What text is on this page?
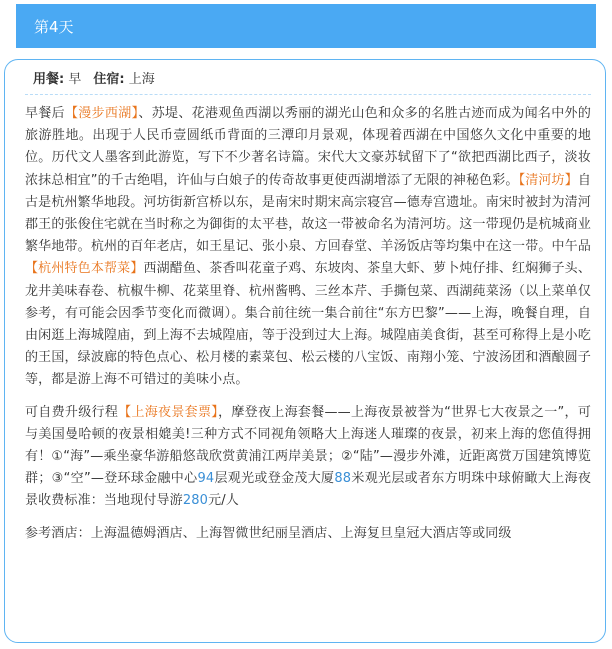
第4天
用餐:
早 住宿:
上海

早餐后【漫步西湖】、苏堤、花港观鱼西湖以秀丽的湖光山色和众多的名胜古迹而成为闻名中外的旅游胜地。出现于人民币壹圆纸币背面的三潭印月景观，体现着西湖在中国悠久文化中重要的地位。历代文人墨客到此游览，写下不少著名诗篇。宋代大文豪苏轼留下了“欲把西湖比西子，淡妆浓抹总相宜”的千古绝唱，许仙与白娘子的传奇故事更使西湖增添了无限的神秘色彩。【清河坊】自古是杭州繁华地段。河坊街新宫桥以东，是南宋时期宋高宗寝宫—德寿宫遗址。南宋时被封为清河郡王的张俊住宅就在当时称之为御街的太平巷，故这一带被命名为清河坊。这一带现仍是杭城商业繁华地带。杭州的百年老店，如王星记、张小泉、方回春堂、羊汤饭店等均集中在这一带。中午品【杭州特色本帮菜】西湖醋鱼、茶香叫花童子鸡、东坡肉、茶皇大虾、萝卜炖仔排、红焖狮子头、龙井美味春卷、杭椒牛柳、花菜里脊、杭州酱鸭、三丝本芹、手撕包菜、西湖莼菜汤（以上菜单仅参考，有可能会因季节变化而微调）。集合前往统一集合前往“东方巴黎”——上海，晚餐自理，自由闲逛上海城隍庙，到上海不去城隍庙，等于没到过大上海。城隍庙美食街，甚至可称得上是小吃的王国，绿波廊的特色点心、松月楼的素菜包、松云楼的八宝饭、南翔小笼、宁波汤团和酒酿圆子等，都是游上海不可错过的美味小点。

可自费升级行程【上海夜景套票】，摩登夜上海套餐——上海夜景被誉为“世界七大夜景之一”，可与美国曼哈顿的夜景相媲美!三种方式不同视角领略大上海迷人璀璨的夜景，初来上海的您值得拥有！①“海”—乘坐豪华游船悠哉欣赏黄浦江两岸美景；②“陆”—漫步外滩，近距离赏万国建筑博览群；③“空”—登环球金融中心94层观光或登金茂大厦88米观光层或者东方明珠中球俯瞰大上海夜景收费标准：当地现付导游280元/人

参考酒店：上海温德姆酒店、上海智微世纪丽呈酒店、上海复旦皇冠大酒店等或同级
